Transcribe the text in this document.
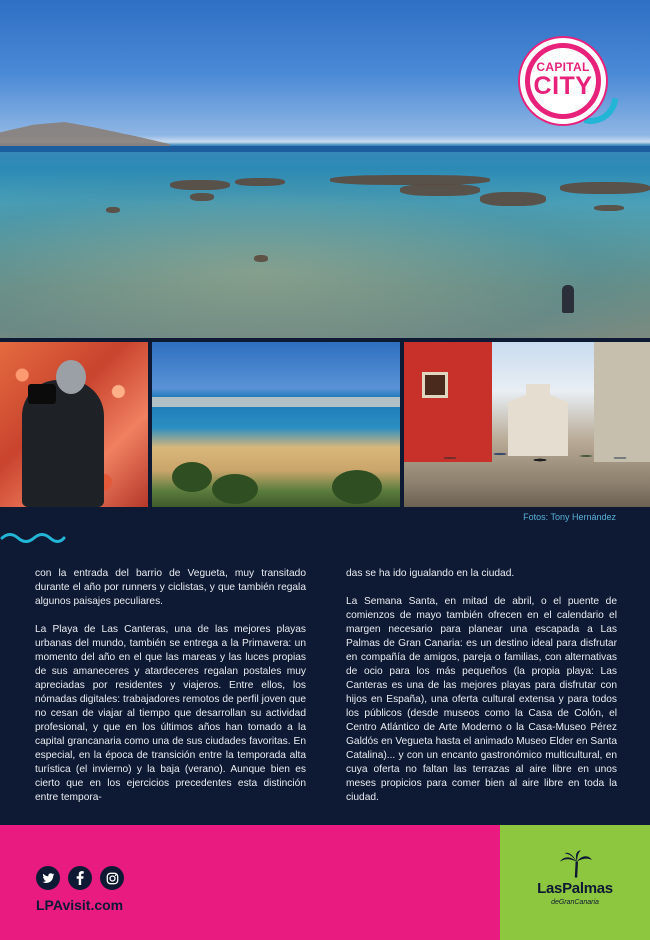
CAPITAL
CITY
Fotos: Tony Hernández

con la entrada del barrio de Vegueta, muy transitado durante el año por runners y ciclistas, y que también regala algunos paisajes peculiares.

La Playa de Las Canteras, una de las mejores playas urbanas del mundo, también se entrega a la Primavera: un momento del año en el que las mareas y las luces propias de sus amaneceres y atardeceres regalan postales muy apreciadas por residentes y viajeros. Entre ellos, los nómadas digitales: trabajadores remotos de perfil joven que no cesan de viajar al tiempo que desarrollan su actividad profesional, y que en los últimos años han tomado a la capital grancanaria como una de sus ciudades favoritas. En especial, en la época de transición entre la temporada alta turística (el invierno) y la baja (verano). Aunque bien es cierto que en los ejercicios precedentes esta distinción entre tempora-

das se ha ido igualando en la ciudad.

La Semana Santa, en mitad de abril, o el puente de comienzos de mayo también ofrecen en el calendario el margen necesario para planear una escapada a Las Palmas de Gran Canaria: es un destino ideal para disfrutar en compañía de amigos, pareja o familias, con alternativas de ocio para los más pequeños (la propia playa: Las Canteras es una de las mejores playas para disfrutar con hijos en España), una oferta cultural extensa y para todos los públicos (desde museos como la Casa de Colón, el Centro Atlántico de Arte Moderno o la Casa-Museo Pérez Galdós en Vegueta hasta el animado Museo Elder en Santa Catalina)... y con un encanto gastronómico multicultural, en cuya oferta no faltan las terrazas al aire libre en unos meses propicios para comer bien al aire libre en toda la ciudad.

LPAvisit.com
LasPalmas
deGranCanaria
